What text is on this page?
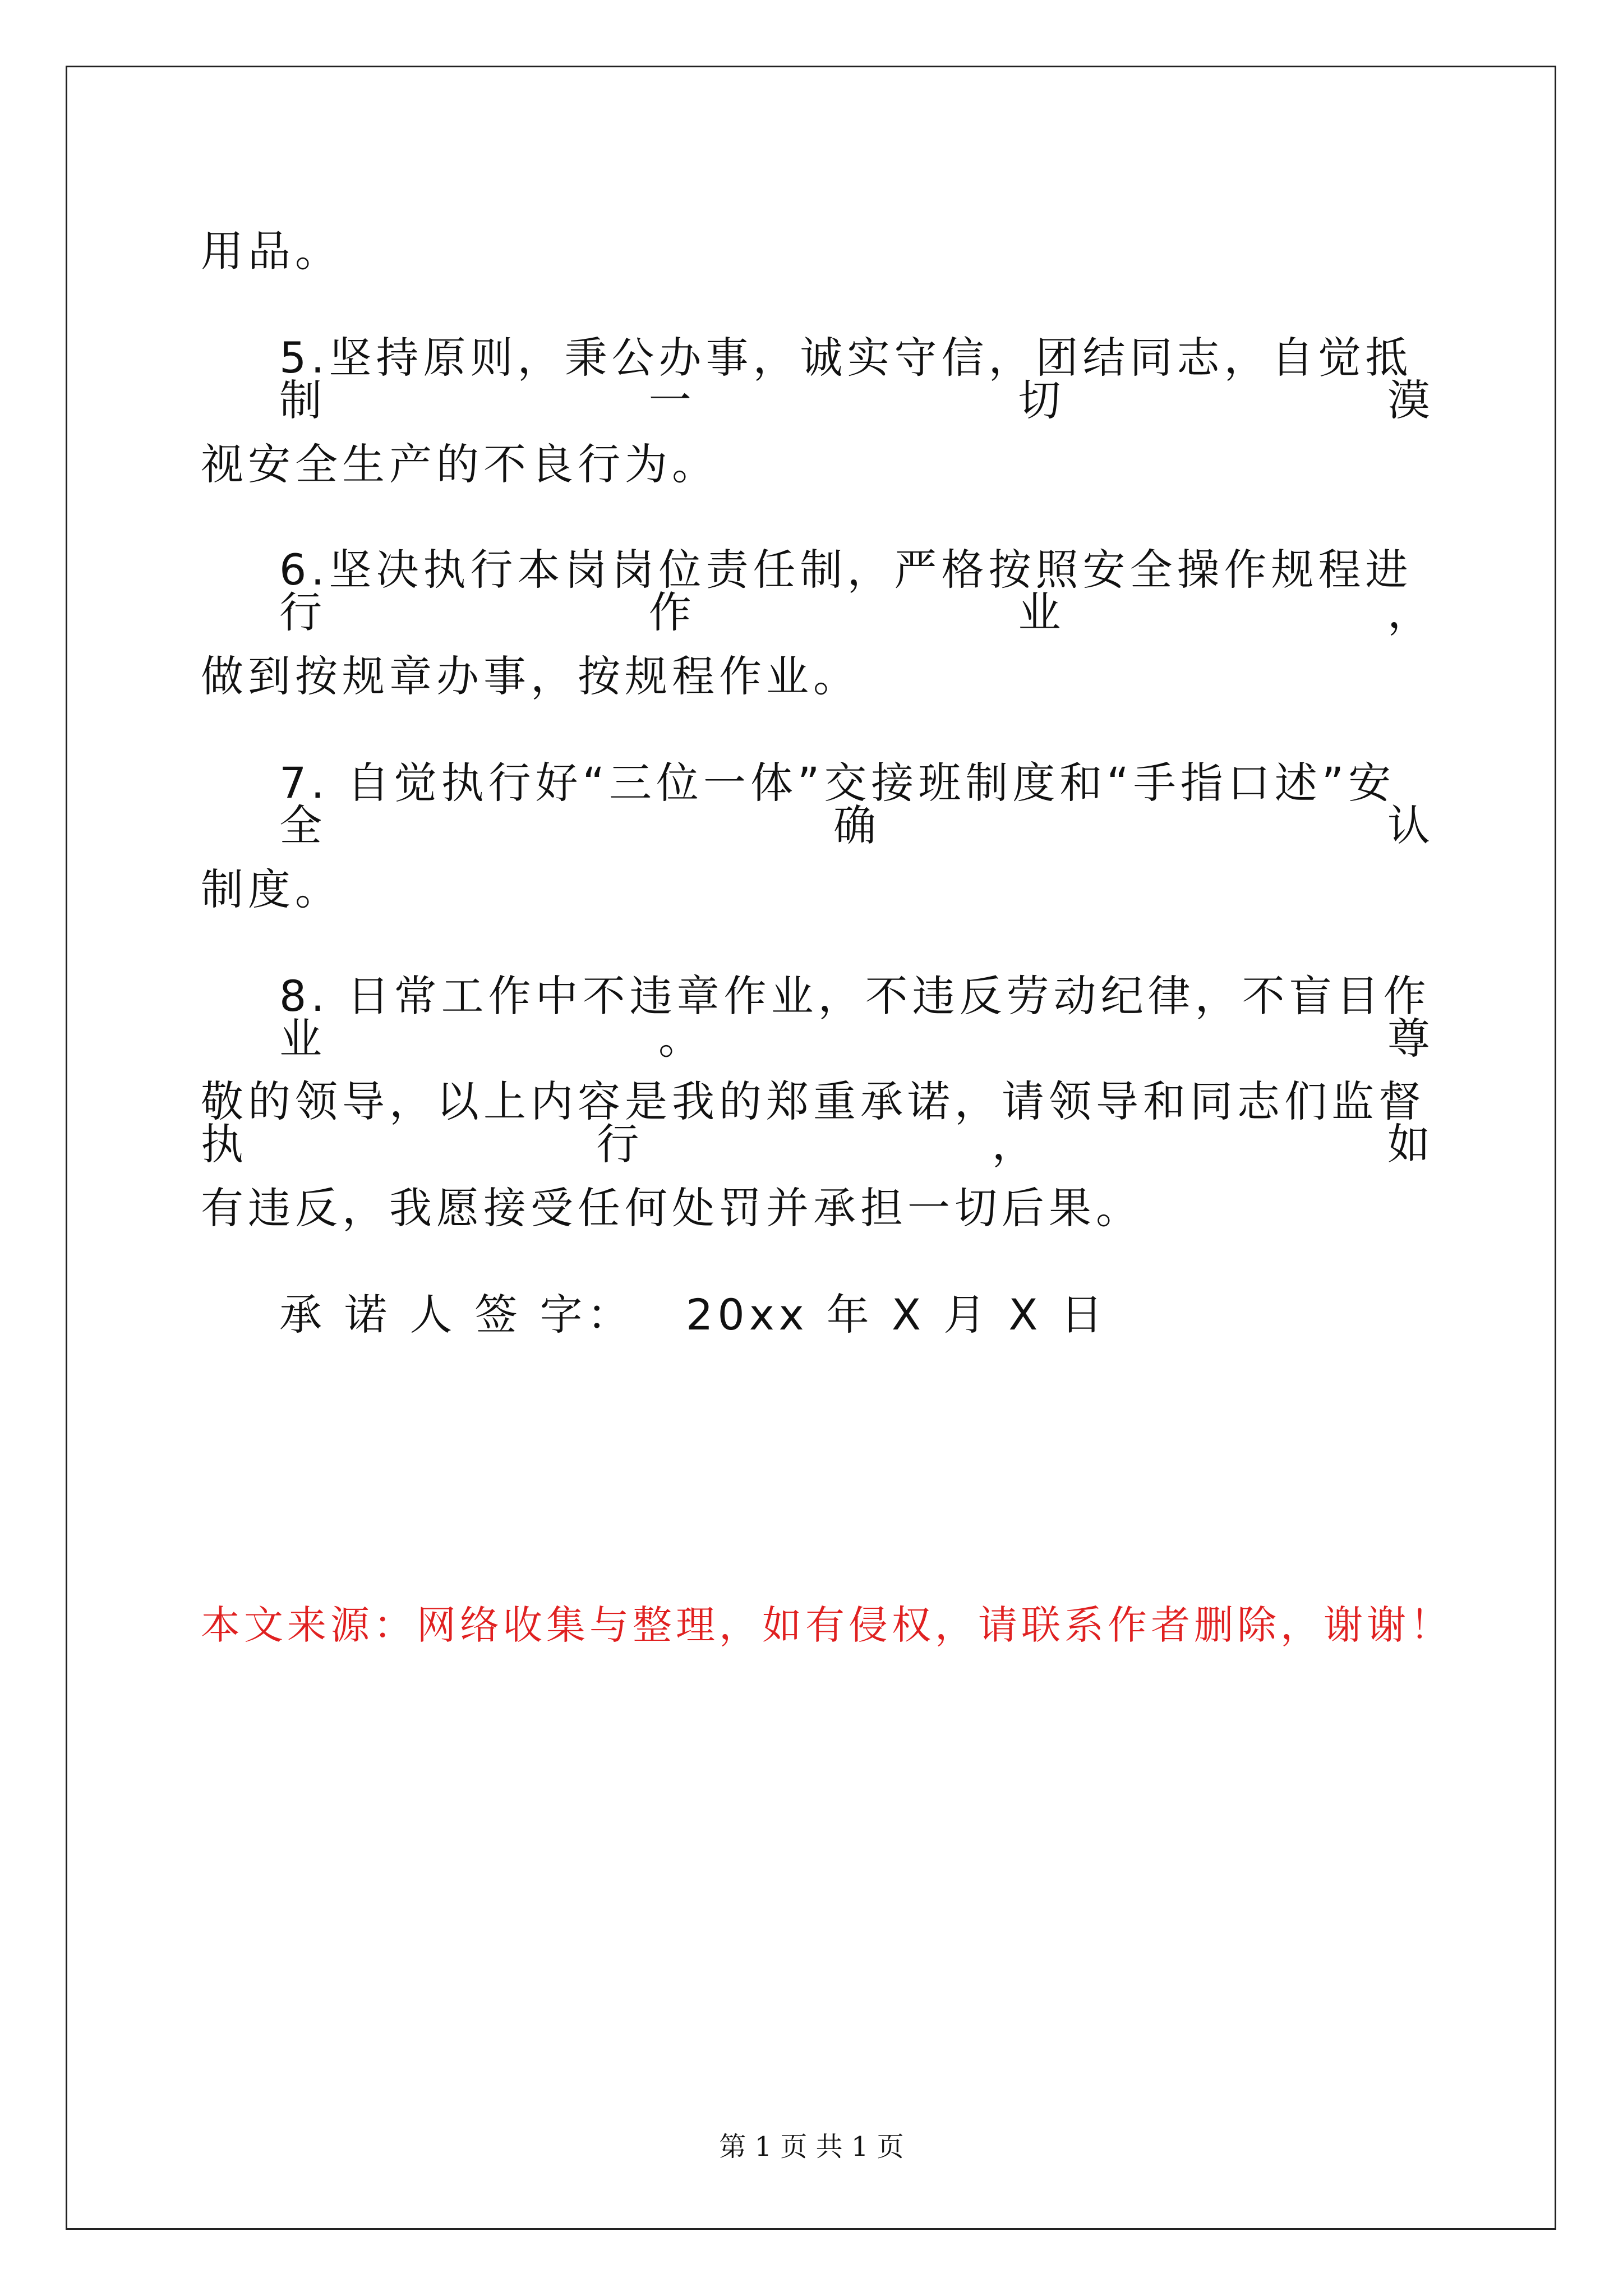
用品。
5.坚持原则，秉公办事，诚实守信，团结同志，自觉抵制一切漠
视安全生产的不良行为。
6.坚决执行本岗岗位责任制，严格按照安全操作规程进行作业，
做到按规章办事，按规程作业。
7. 自觉执行好“三位一体”交接班制度和“手指口述”安全确认
制度。
8. 日常工作中不违章作业，不违反劳动纪律，不盲目作业。 尊
敬的领导，以上内容是我的郑重承诺，请领导和同志们监督执行，如
有违反，我愿接受任何处罚并承担一切后果。
承 诺 人 签 字： 20xx 年 X 月 X 日
本文来源：网络收集与整理，如有侵权，请联系作者删除，谢谢！
第 1 页 共 1 页
